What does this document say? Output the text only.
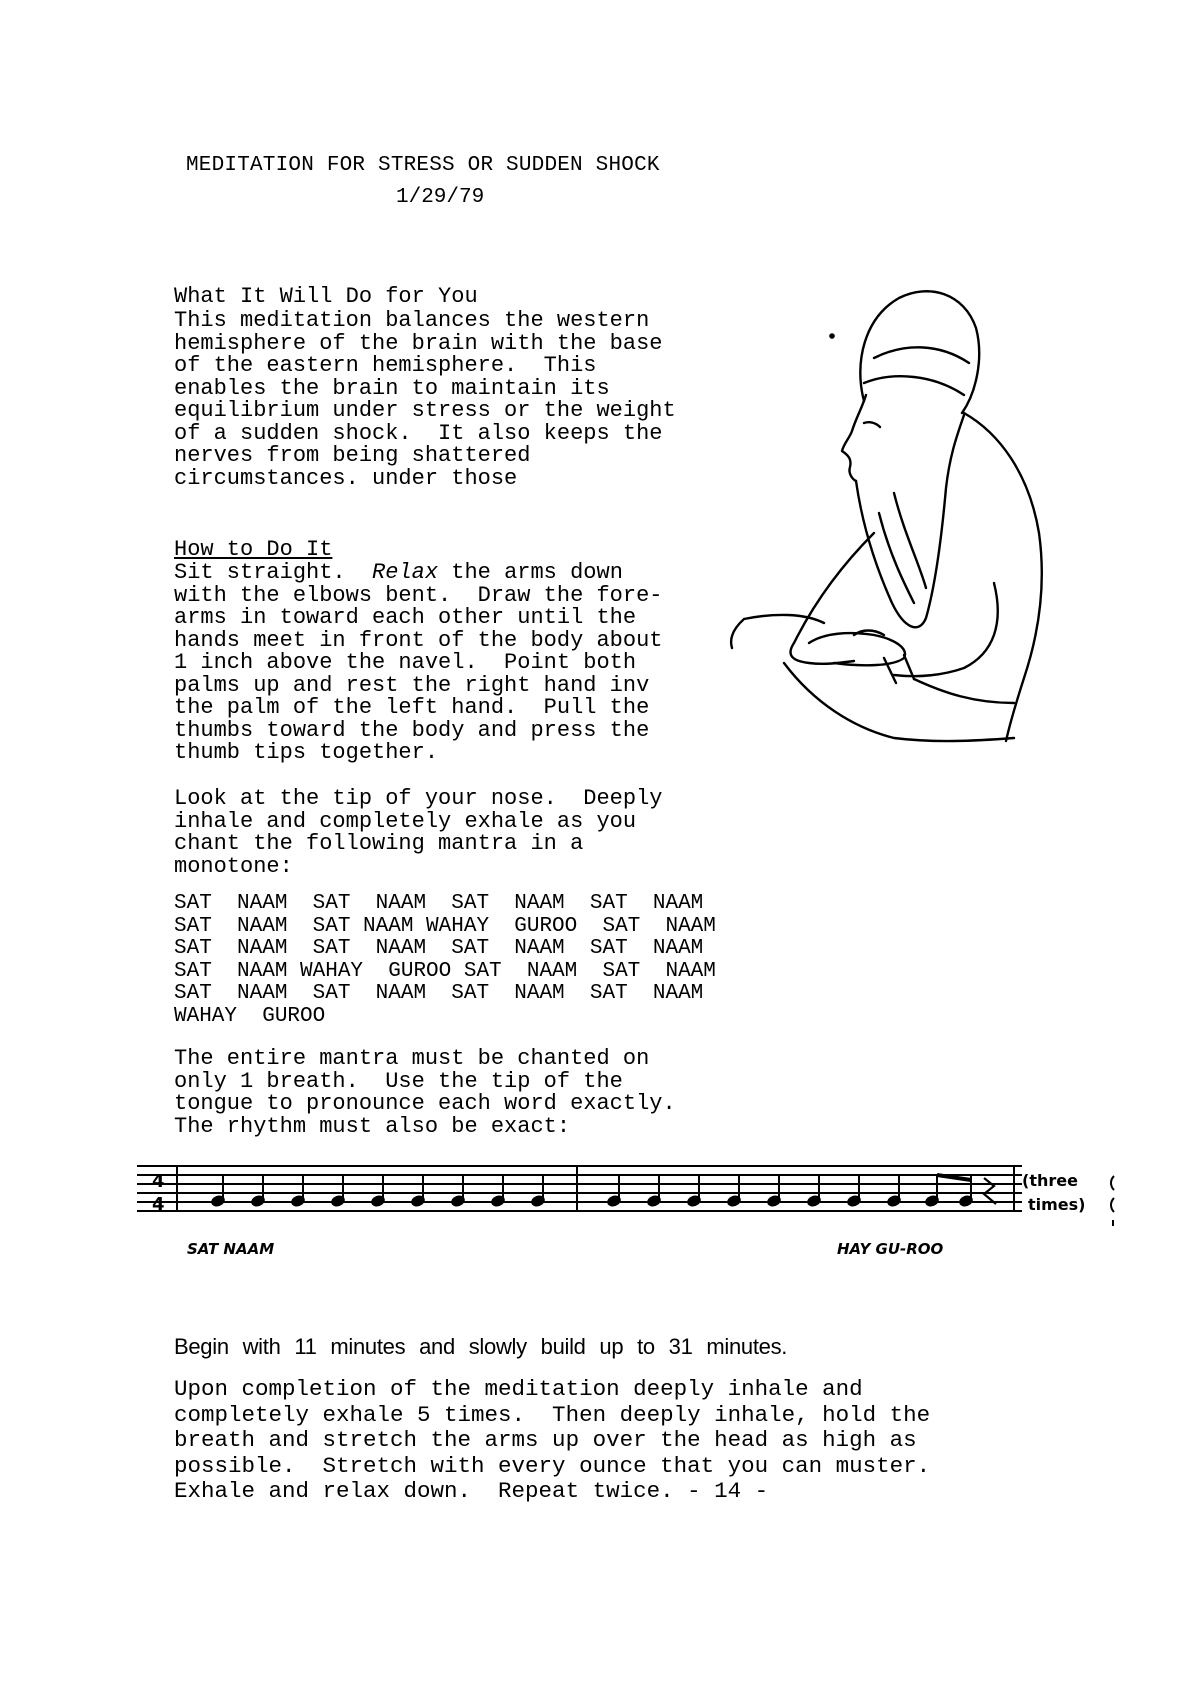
MEDITATION FOR STRESS OR SUDDEN SHOCK
1/29/79
What It Will Do for You
This meditation balances the western
hemisphere of the brain with the base
of the eastern hemisphere.  This
enables the brain to maintain its
equilibrium under stress or the weight
of a sudden shock.  It also keeps the
nerves from being shattered
circumstances. under those
How to Do It
Sit straight.  Relax the arms down
with the elbows bent.  Draw the fore-
arms in toward each other until the
hands meet in front of the body about
1 inch above the navel.  Point both
palms up and rest the right hand inv
the palm of the left hand.  Pull the
thumbs toward the body and press the
thumb tips together.
Look at the tip of your nose.  Deeply
inhale and completely exhale as you
chant the following mantra in a
monotone:
SAT  NAAM  SAT  NAAM  SAT  NAAM  SAT  NAAM
SAT  NAAM  SAT NAAM WAHAY  GUROO  SAT  NAAM
SAT  NAAM  SAT  NAAM  SAT  NAAM  SAT  NAAM
SAT  NAAM WAHAY  GUROO SAT  NAAM  SAT  NAAM
SAT  NAAM  SAT  NAAM  SAT  NAAM  SAT  NAAM
WAHAY  GUROO
The entire mantra must be chanted on
only 1 breath.  Use the tip of the
tongue to pronounce each word exactly.
The rhythm must also be exact:
4
4
(three
times)
SAT NAAM	HAY GU-ROO
Begin with 11 minutes and slowly build up to 31 minutes.
Upon completion of the meditation deeply inhale and
completely exhale 5 times.  Then deeply inhale, hold the
breath and stretch the arms up over the head as high as
possible.  Stretch with every ounce that you can muster.
Exhale and relax down.  Repeat twice. - 14 -
